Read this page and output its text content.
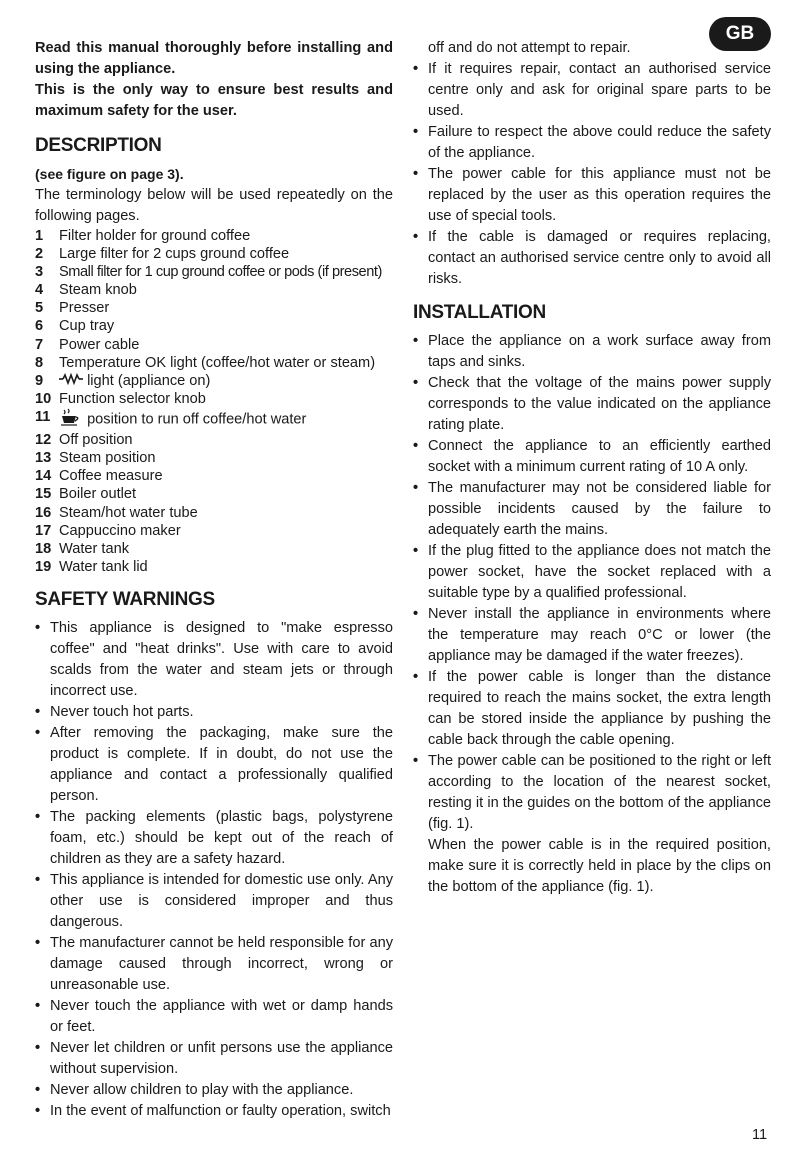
GB

Read this manual thoroughly before installing and using the appliance.

This is the only way to ensure best results and maximum safety for the user.

DESCRIPTION

(see figure on page 3).

The terminology below will be used repeatedly on the following pages.

1	Filter holder for ground coffee
2	Large filter for 2 cups ground coffee
3	Small filter for 1 cup ground coffee or pods (if present)
4	Steam knob
5	Presser
6	Cup tray
7	Power cable
8	Temperature OK light (coffee/hot water or steam)
9	light (appliance on)
10 Function selector knob
11	position to run off coffee/hot water
12 Off position
13 Steam position
14 Coffee measure
15 Boiler outlet
16 Steam/hot water tube
17 Cappuccino maker
18 Water tank
19 Water tank lid
SAFETY WARNINGS
• This appliance is designed to "make espresso coffee" and "heat drinks". Use with care to avoid scalds from the water and steam jets or through incorrect use.
• Never touch hot parts.
• After removing the packaging, make sure the product is complete. If in doubt, do not use the appliance and contact a professionally qualified person.
• The packing elements (plastic bags, polystyrene foam, etc.) should be kept out of the reach of children as they are a safety hazard.
• This appliance is intended for domestic use only. Any other use is considered improper and thus dangerous.
• The manufacturer cannot be held responsible for any damage caused through incorrect, wrong or unreasonable use.
• Never touch the appliance with wet or damp hands or feet.
• Never let children or unfit persons use the appliance without supervision.
• Never allow children to play with the appliance.
• In the event of malfunction or faulty operation, switch

off and do not attempt to repair.

• If it requires repair, contact an authorised service centre only and ask for original spare parts to be used.
• Failure to respect the above could reduce the safety of the appliance.
• The power cable for this appliance must not be replaced by the user as this operation requires the use of special tools.
• If the cable is damaged or requires replacing, contact an authorised service centre only to avoid all risks.
INSTALLATION
• Place the appliance on a work surface away from taps and sinks.
• Check that the voltage of the mains power supply corresponds to the value indicated on the appliance rating plate.
• Connect the appliance to an efficiently earthed socket with a minimum current rating of 10 A only.
• The manufacturer may not be considered liable for possible incidents caused by the failure to adequately earth the mains.
• If the plug fitted to the appliance does not match the power socket, have the socket replaced with a suitable type by a qualified professional.
• Never install the appliance in environments where the temperature may reach 0°C or lower (the appliance may be damaged if the water freezes).
• If the power cable is longer than the distance required to reach the mains socket, the extra length can be stored inside the appliance by pushing the cable back through the cable opening.
• The power cable can be positioned to the right or left according to the location of the nearest socket, resting it in the guides on the bottom of the appliance (fig. 1).

When the power cable is in the required position, make sure it is correctly held in place by the clips on the bottom of the appliance (fig. 1).

11
